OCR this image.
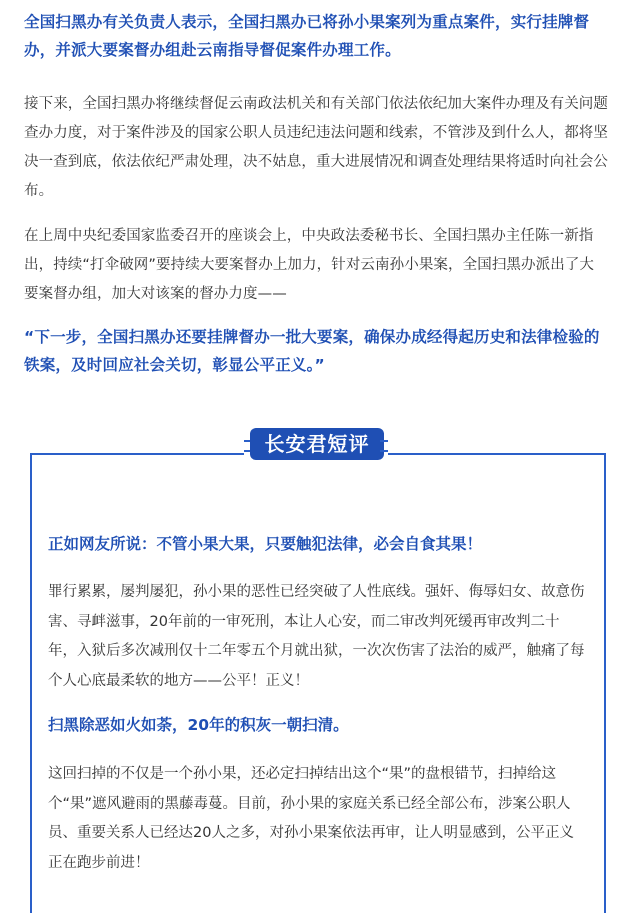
全国扫黑办有关负责人表示，全国扫黑办已将孙小果案列为重点案件，实行挂牌督办，并派大要案督办组赴云南指导督促案件办理工作。

接下来，全国扫黑办将继续督促云南政法机关和有关部门依法依纪加大案件办理及有关问题查办力度，对于案件涉及的国家公职人员违纪违法问题和线索，不管涉及到什么人，都将坚决一查到底，依法依纪严肃处理，决不姑息，重大进展情况和调查处理结果将适时向社会公布。

在上周中央纪委国家监委召开的座谈会上，中央政法委秘书长、全国扫黑办主任陈一新指出，持续“打伞破网”要持续大要案督办上加力，针对云南孙小果案，全国扫黑办派出了大要案督办组，加大对该案的督办力度——

“下一步，全国扫黑办还要挂牌督办一批大要案，确保办成经得起历史和法律检验的铁案，及时回应社会关切，彰显公平正义。”

长安君短评

正如网友所说：不管小果大果，只要触犯法律，必会自食其果！

罪行累累，屡判屡犯，孙小果的恶性已经突破了人性底线。强奸、侮辱妇女、故意伤害、寻衅滋事，20年前的一审死刑，本让人心安，而二审改判死缓再审改判二十年，入狱后多次减刑仅十二年零五个月就出狱，一次次伤害了法治的威严，触痛了每个人心底最柔软的地方——公平！正义！

扫黑除恶如火如荼，20年的积灰一朝扫清。

这回扫掉的不仅是一个孙小果，还必定扫掉结出这个“果”的盘根错节，扫掉给这个“果”遮风避雨的黑藤毒蔓。目前，孙小果的家庭关系已经全部公布，涉案公职人员、重要关系人已经达20人之多，对孙小果案依法再审，让人明显感到，公平正义正在跑步前进！
